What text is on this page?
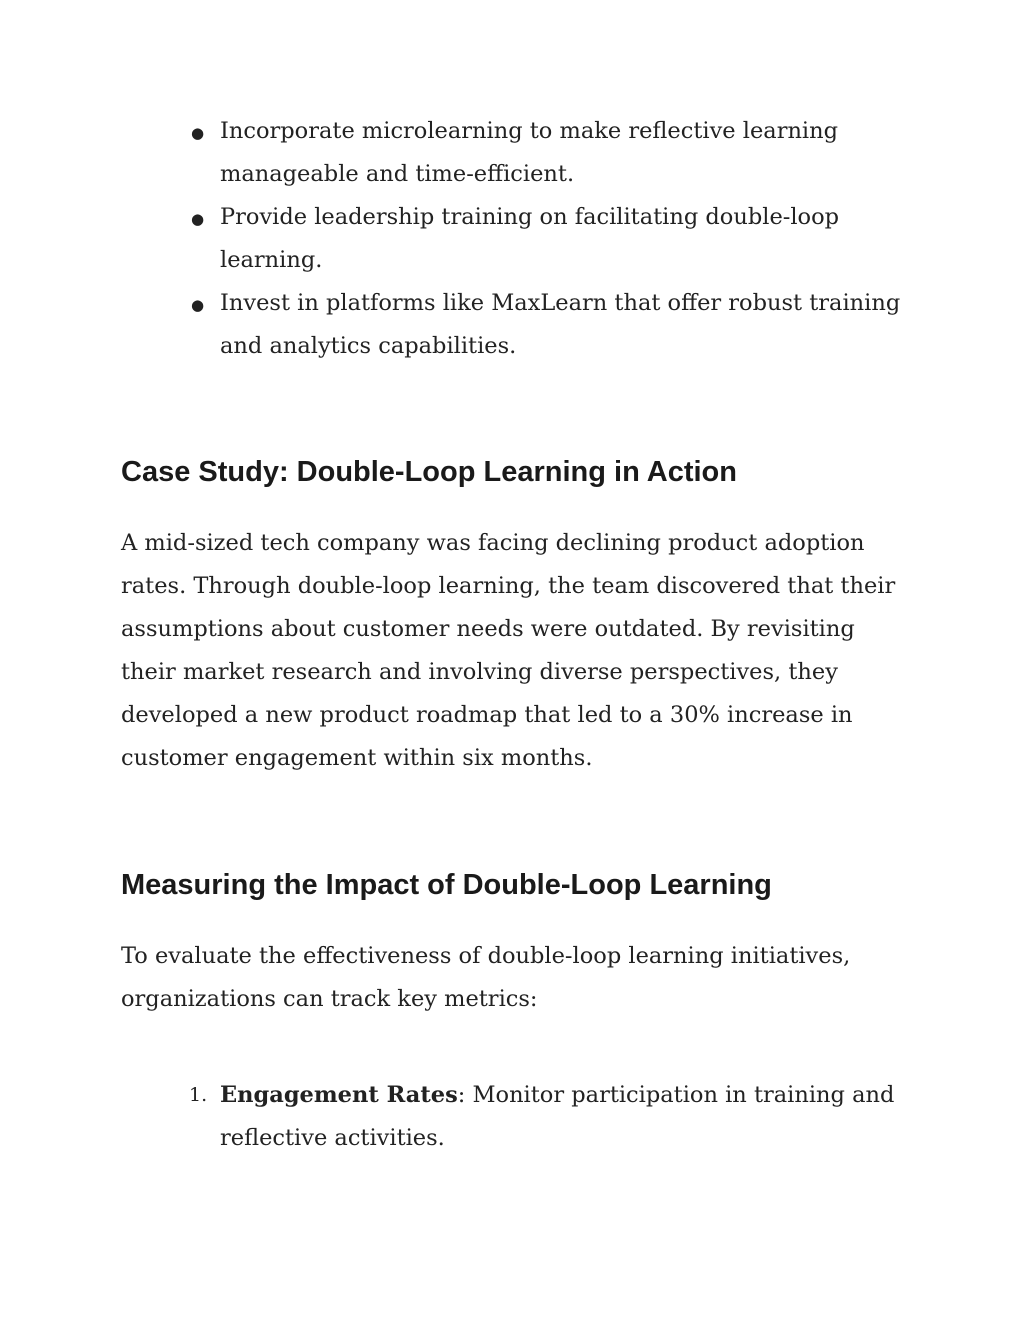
● Incorporate microlearning to make reflective learning manageable and time-efficient.
● Provide leadership training on facilitating double-loop learning.
● Invest in platforms like MaxLearn that offer robust training and analytics capabilities.
Case Study: Double-Loop Learning in Action

A mid-sized tech company was facing declining product adoption rates. Through double-loop learning, the team discovered that their assumptions about customer needs were outdated. By revisiting their market research and involving diverse perspectives, they developed a new product roadmap that led to a 30% increase in customer engagement within six months.

Measuring the Impact of Double-Loop Learning

To evaluate the effectiveness of double-loop learning initiatives, organizations can track key metrics:

1. Engagement Rates: Monitor participation in training and reflective activities.
